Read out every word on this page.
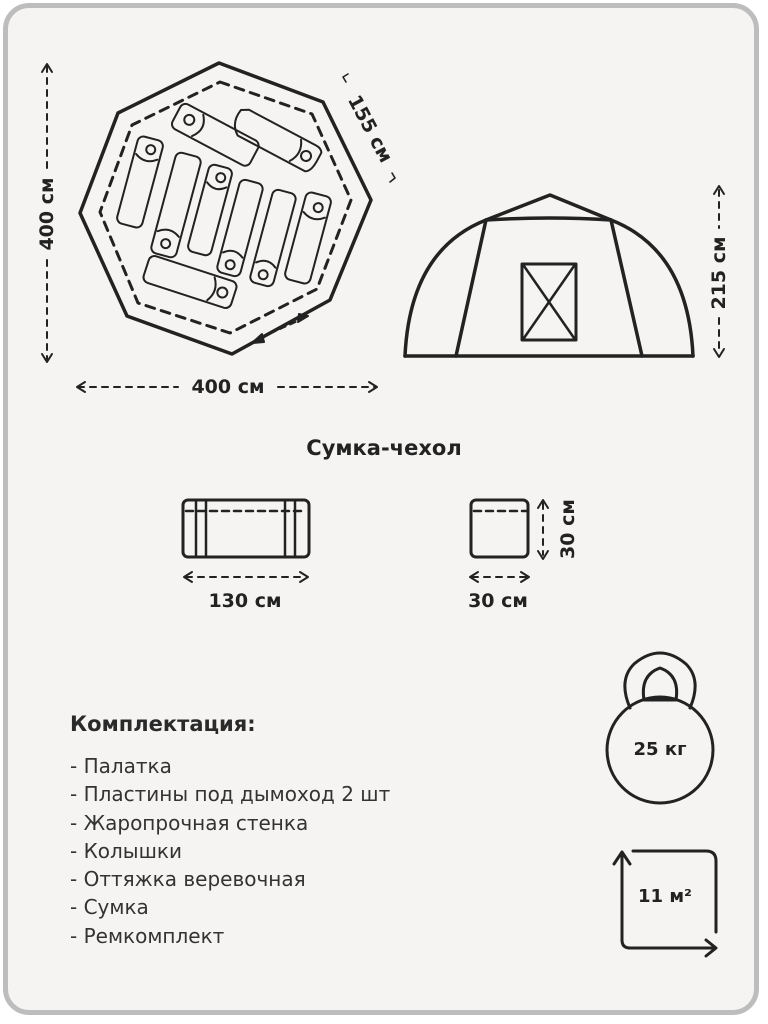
400 см
400 см
155 см
215 см
Сумка-чехол
130 см	30 см
30 см
Комплектация:
- Палатка
- Пластины под дымоход 2 шт
- Жаропрочная стенка
- Колышки
- Оттяжка веревочная
- Сумка
- Ремкомплект
25 кг
11 м²
